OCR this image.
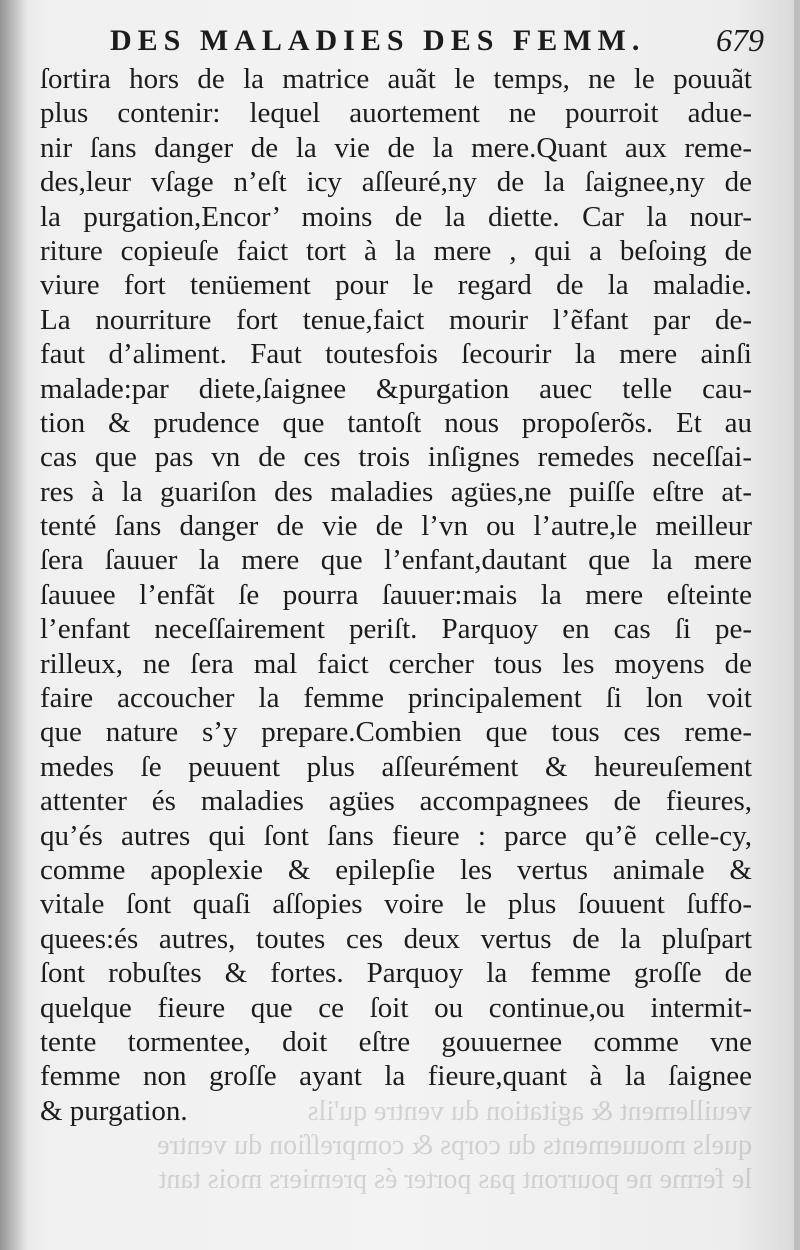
DES MALADIES DES FEMM. 679
ſortira hors de la matrice auãt le temps, ne le pouuãt
plus contenir: lequel auortement ne pourroit adue-
nir ſans danger de la vie de la mere.Quant aux reme-
des,leur vſage n’eſt icy aſſeuré,ny de la ſaignee,ny de
la purgation,Encor’ moins de la diette. Car la nour-
riture copieuſe faict tort à la mere , qui a beſoing de
viure fort tenüement pour le regard de la maladie.
La nourriture fort tenue,faict mourir l’ẽfant par de-
faut d’aliment. Faut toutesfois ſecourir la mere ainſi
malade:par diete,ſaignee &purgation auec telle cau-
tion & prudence que tantoſt nous propoſerõs. Et au
cas que pas vn de ces trois inſignes remedes neceſſai-
res à la guariſon des maladies agües,ne puiſſe eſtre at-
tenté ſans danger de vie de l’vn ou l’autre,le meilleur
ſera ſauuer la mere que l’enfant,dautant que la mere
ſauuee l’enfãt ſe pourra ſauuer:mais la mere eſteinte
l’enfant neceſſairement periſt. Parquoy en cas ſi pe-
rilleux, ne ſera mal faict cercher tous les moyens de
faire accoucher la femme principalement ſi lon voit
que nature s’y prepare.Combien que tous ces reme-
medes ſe peuuent plus aſſeurément & heureuſement
attenter és maladies agües accompagnees de fieures,
qu’és autres qui ſont ſans fieure : parce qu’ẽ celle-cy,
comme apoplexie & epilepſie les vertus animale &
vitale ſont quaſi aſſopies voire le plus ſouuent ſuffo-
quees:és autres, toutes ces deux vertus de la pluſpart
ſont robuſtes & fortes. Parquoy la femme groſſe de
quelque fieure que ce ſoit ou continue,ou intermit-
tente tormentee, doit eſtre gouuernee comme vne
femme non groſſe ayant la fieure,quant à la ſaignee
& purgation.	veuillement & agitation du ventre qu'ils
quels mouuements du corps & compreſſion du ventre
le ferme ne pourront pas porter és premiers mois tant
